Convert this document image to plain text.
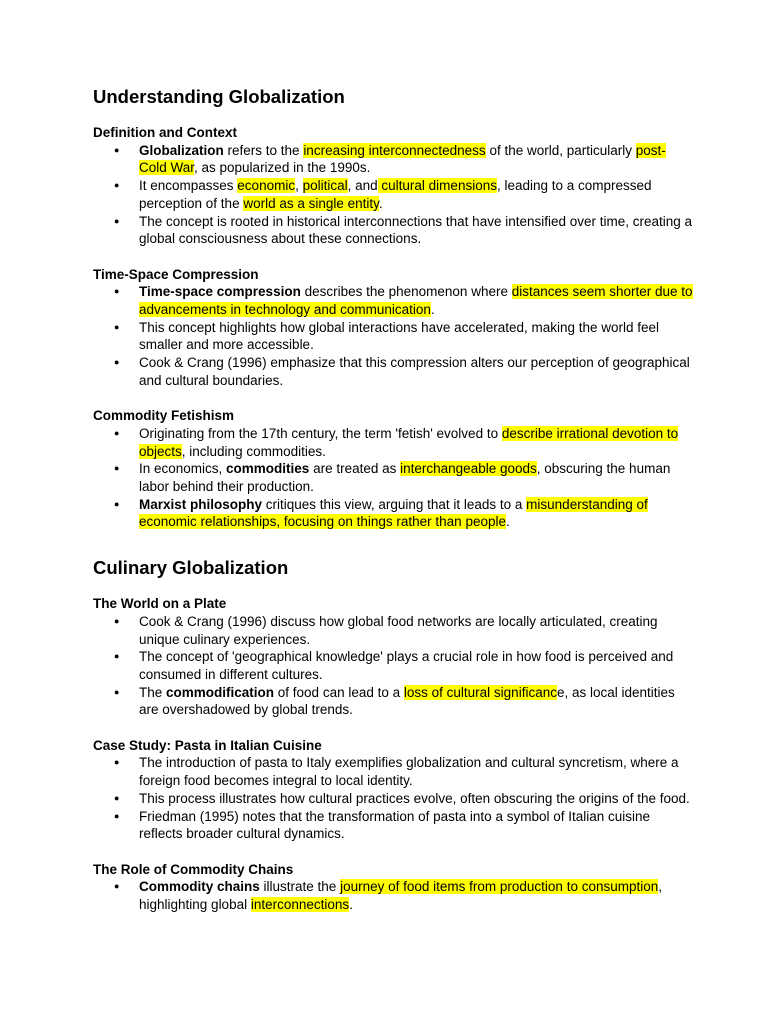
Understanding Globalization
Definition and Context
● Globalization refers to the increasing interconnectedness of the world, particularly post-Cold War, as popularized in the 1990s.
● It encompasses economic, political, and cultural dimensions, leading to a compressed perception of the world as a single entity.
● The concept is rooted in historical interconnections that have intensified over time, creating a global consciousness about these connections.
Time-Space Compression
● Time-space compression describes the phenomenon where distances seem shorter due to advancements in technology and communication.
● This concept highlights how global interactions have accelerated, making the world feel smaller and more accessible.
● Cook & Crang (1996) emphasize that this compression alters our perception of geographical and cultural boundaries.
Commodity Fetishism
● Originating from the 17th century, the term 'fetish' evolved to describe irrational devotion to objects, including commodities.
● In economics, commodities are treated as interchangeable goods, obscuring the human labor behind their production.
● Marxist philosophy critiques this view, arguing that it leads to a misunderstanding of economic relationships, focusing on things rather than people.
Culinary Globalization
The World on a Plate
● Cook & Crang (1996) discuss how global food networks are locally articulated, creating unique culinary experiences.
● The concept of 'geographical knowledge' plays a crucial role in how food is perceived and consumed in different cultures.
● The commodification of food can lead to a loss of cultural significance, as local identities are overshadowed by global trends.
Case Study: Pasta in Italian Cuisine
● The introduction of pasta to Italy exemplifies globalization and cultural syncretism, where a foreign food becomes integral to local identity.
● This process illustrates how cultural practices evolve, often obscuring the origins of the food.
● Friedman (1995) notes that the transformation of pasta into a symbol of Italian cuisine reflects broader cultural dynamics.
The Role of Commodity Chains
● Commodity chains illustrate the journey of food items from production to consumption, highlighting global interconnections.
